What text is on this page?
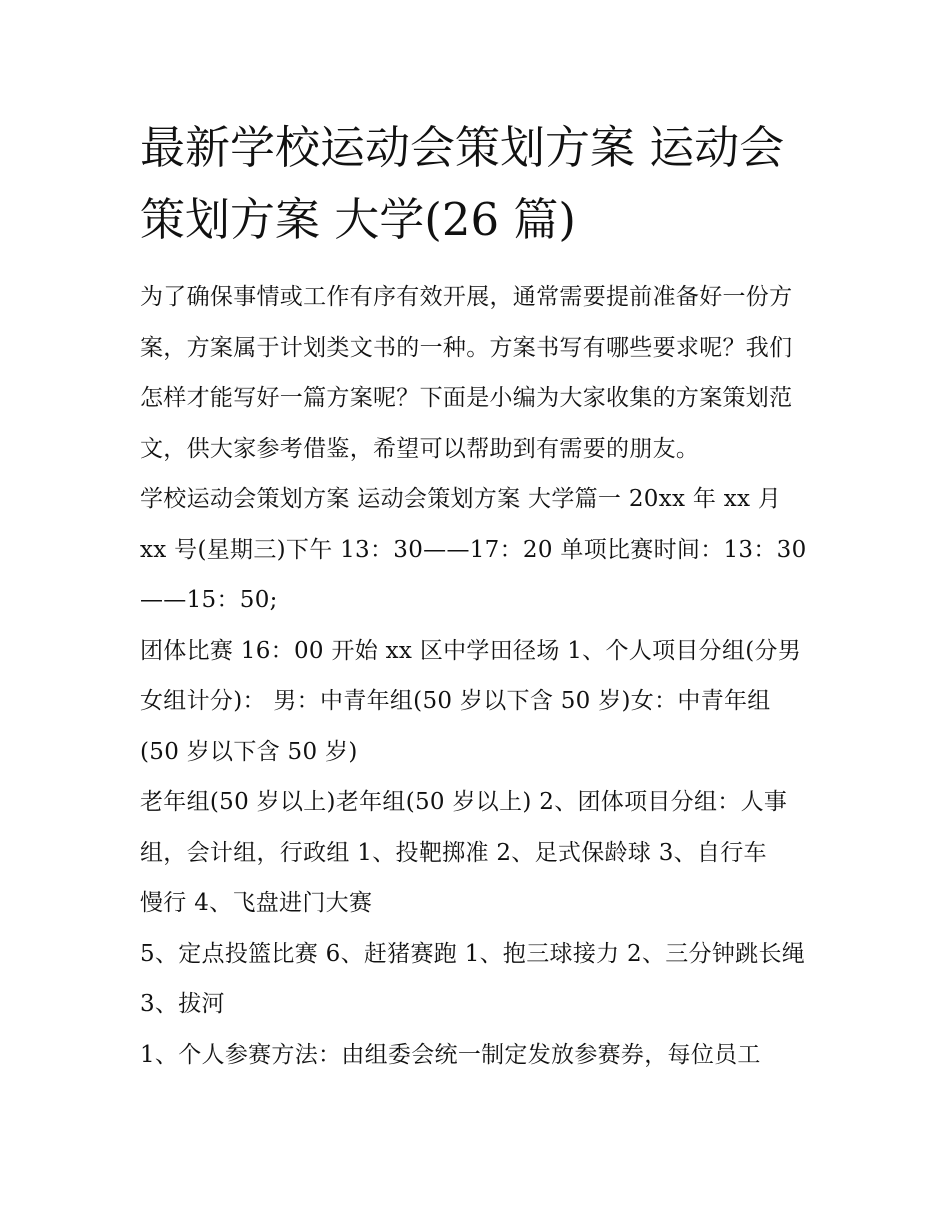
最新学校运动会策划方案 运动会策划方案 大学(26 篇)

为了确保事情或工作有序有效开展，通常需要提前准备好一份方案，方案属于计划类文书的一种。方案书写有哪些要求呢？我们怎样才能写好一篇方案呢？下面是小编为大家收集的方案策划范文，供大家参考借鉴，希望可以帮助到有需要的朋友。

学校运动会策划方案 运动会策划方案 大学篇一 20xx 年 xx 月
xx 号(星期三)下午 13：30——17：20 单项比赛时间：13：30
——15：50;

团体比赛 16：00 开始 xx 区中学田径场 1、个人项目分组(分男女组计分)： 男：中青年组(50 岁以下含 50 岁)女：中青年组
(50 岁以下含 50 岁)

老年组(50 岁以上)老年组(50 岁以上) 2、团体项目分组：人事组，会计组，行政组 1、投靶掷准 2、足式保龄球 3、自行车
慢行 4、飞盘进门大赛

5、定点投篮比赛 6、赶猪赛跑 1、抱三球接力 2、三分钟跳长绳 3、拔河

1、个人参赛方法：由组委会统一制定发放参赛券，每位员工
